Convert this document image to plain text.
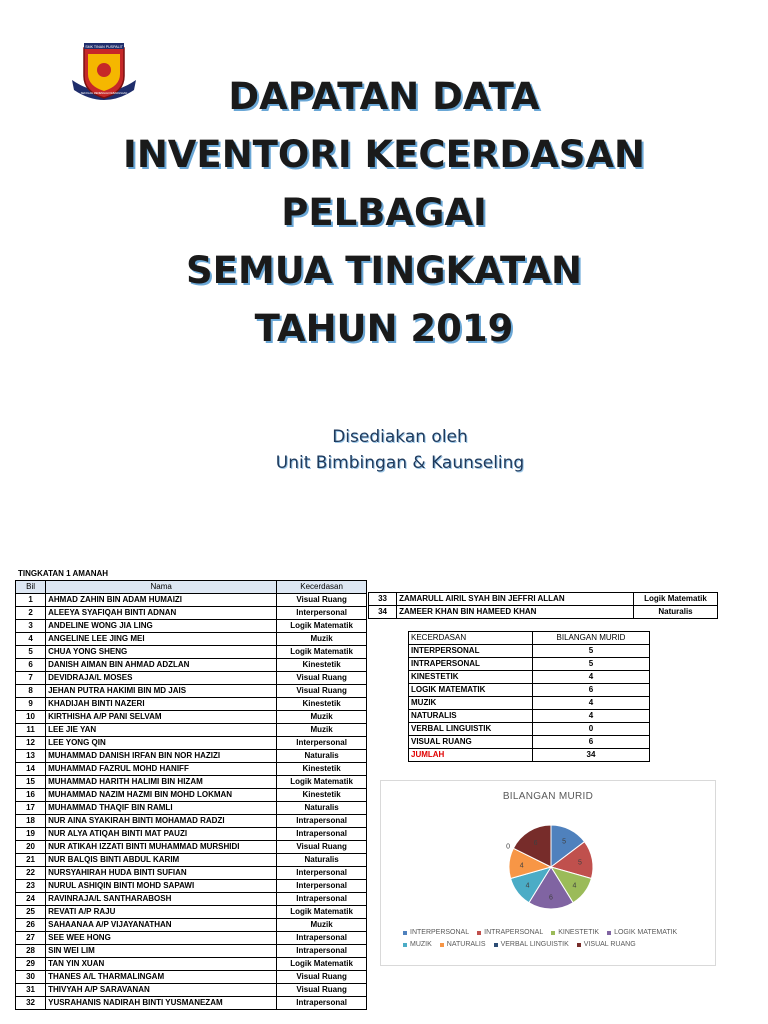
SMK TINAN PUSPALIT
SEKOLAH MENENGAH KEBANGSAAN	DAPATAN DATA
INVENTORI KECERDASAN
PELBAGAI
SEMUA TINGKATAN
TAHUN 2019
Disediakan oleh
Unit Bimbingan & Kaunseling
TINGKATAN 1 AMANAH
Bil	Nama	Kecerdasan
1	AHMAD ZAHIN BIN ADAM HUMAIZI	Visual Ruang
2	ALEEYA SYAFIQAH BINTI ADNAN	Interpersonal
3	ANDELINE WONG JIA LING	Logik Matematik
4	ANGELINE LEE JING MEI	Muzik
5	CHUA YONG SHENG	Logik Matematik
6	DANISH AIMAN BIN AHMAD ADZLAN	Kinestetik
7	DEVIDRAJA/L MOSES	Visual Ruang
8	JEHAN PUTRA HAKIMI BIN MD JAIS	Visual Ruang
9	KHADIJAH BINTI NAZERI	Kinestetik
10	KIRTHISHA A/P PANI SELVAM	Muzik
11	LEE JIE YAN	Muzik
12	LEE YONG QIN	Interpersonal
13	MUHAMMAD DANISH IRFAN BIN NOR HAZIZI	Naturalis
14	MUHAMMAD FAZRUL MOHD HANIFF	Kinestetik
15	MUHAMMAD HARITH HALIMI BIN HIZAM	Logik Matematik
16	MUHAMMAD NAZIM HAZMI BIN MOHD LOKMAN	Kinestetik
17	MUHAMMAD THAQIF BIN RAMLI	Naturalis
18	NUR AINA SYAKIRAH BINTI MOHAMAD RADZI	Intrapersonal
19	NUR ALYA ATIQAH BINTI MAT PAUZI	Intrapersonal
20	NUR ATIKAH IZZATI BINTI MUHAMMAD MURSHIDI	Visual Ruang
21	NUR BALQIS BINTI ABDUL KARIM	Naturalis
22	NURSYAHIRAH HUDA BINTI SUFIAN	Interpersonal
23	NURUL ASHIQIN BINTI MOHD SAPAWI	Interpersonal
24	RAVINRAJA/L SANTHARABOSH	Intrapersonal
25	REVATI A/P RAJU	Logik Matematik
26	SAHAANAA A/P VIJAYANATHAN	Muzik
27	SEE WEE HONG	Intrapersonal
28	SIN WEI LIM	Intrapersonal
29	TAN YIN XUAN	Logik Matematik
30	THANES A/L THARMALINGAM	Visual Ruang
31	THIVYAH A/P SARAVANAN	Visual Ruang
32	YUSRAHANIS NADIRAH BINTI YUSMANEZAM	Intrapersonal
33	ZAMARULL AIRIL SYAH BIN JEFFRI ALLAN	Logik Matematik
34	ZAMEER KHAN BIN HAMEED KHAN	Naturalis
KECERDASAN	BILANGAN MURID
INTERPERSONAL	5
INTRAPERSONAL	5
KINESTETIK	4
LOGIK MATEMATIK	6
MUZIK	4
NATURALIS	4
VERBAL LINGUISTIK	0
VISUAL RUANG	6
JUMLAH	34
BILANGAN MURID
5
5
4
6
4
4
0
6
INTERPERSONAL INTRAPERSONAL KINESTETIK LOGIK MATEMATIK
MUZIK NATURALIS VERBAL LINGUISTIK VISUAL RUANG
